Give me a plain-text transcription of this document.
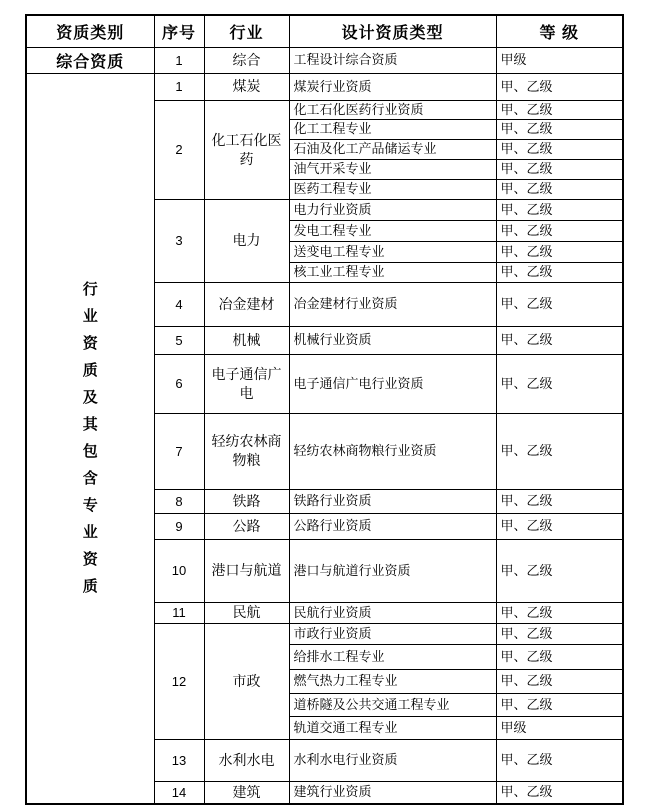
资质类别	序号	行业	设计资质类型	等 级
综合资质	1	综合	工程设计综合资质	甲级

行
业
资
质
及
其
包
含
专
业
资
质
	1	煤炭	煤炭行业资质	甲、乙级
	2	化工石化医药	化工石化医药行业资质	甲、乙级
			化工工程专业	甲、乙级
			石油及化工产品储运专业	甲、乙级
			油气开采专业	甲、乙级
			医药工程专业	甲、乙级
	3	电力	电力行业资质	甲、乙级
			发电工程专业	甲、乙级
			送变电工程专业	甲、乙级
			核工业工程专业	甲、乙级
	4	冶金建材	冶金建材行业资质	甲、乙级
	5	机械	机械行业资质	甲、乙级
	6	电子通信广电	电子通信广电行业资质	甲、乙级
	7	轻纺农林商物粮	轻纺农林商物粮行业资质	甲、乙级
	8	铁路	铁路行业资质	甲、乙级
	9	公路	公路行业资质	甲、乙级
	10	港口与航道	港口与航道行业资质	甲、乙级
	11	民航	民航行业资质	甲、乙级
	12	市政	市政行业资质	甲、乙级
			给排水工程专业	甲、乙级
			燃气热力工程专业	甲、乙级
			道桥隧及公共交通工程专业	甲、乙级
			轨道交通工程专业	甲级
	13	水利水电	水利水电行业资质	甲、乙级
	14	建筑	建筑行业资质	甲、乙级
